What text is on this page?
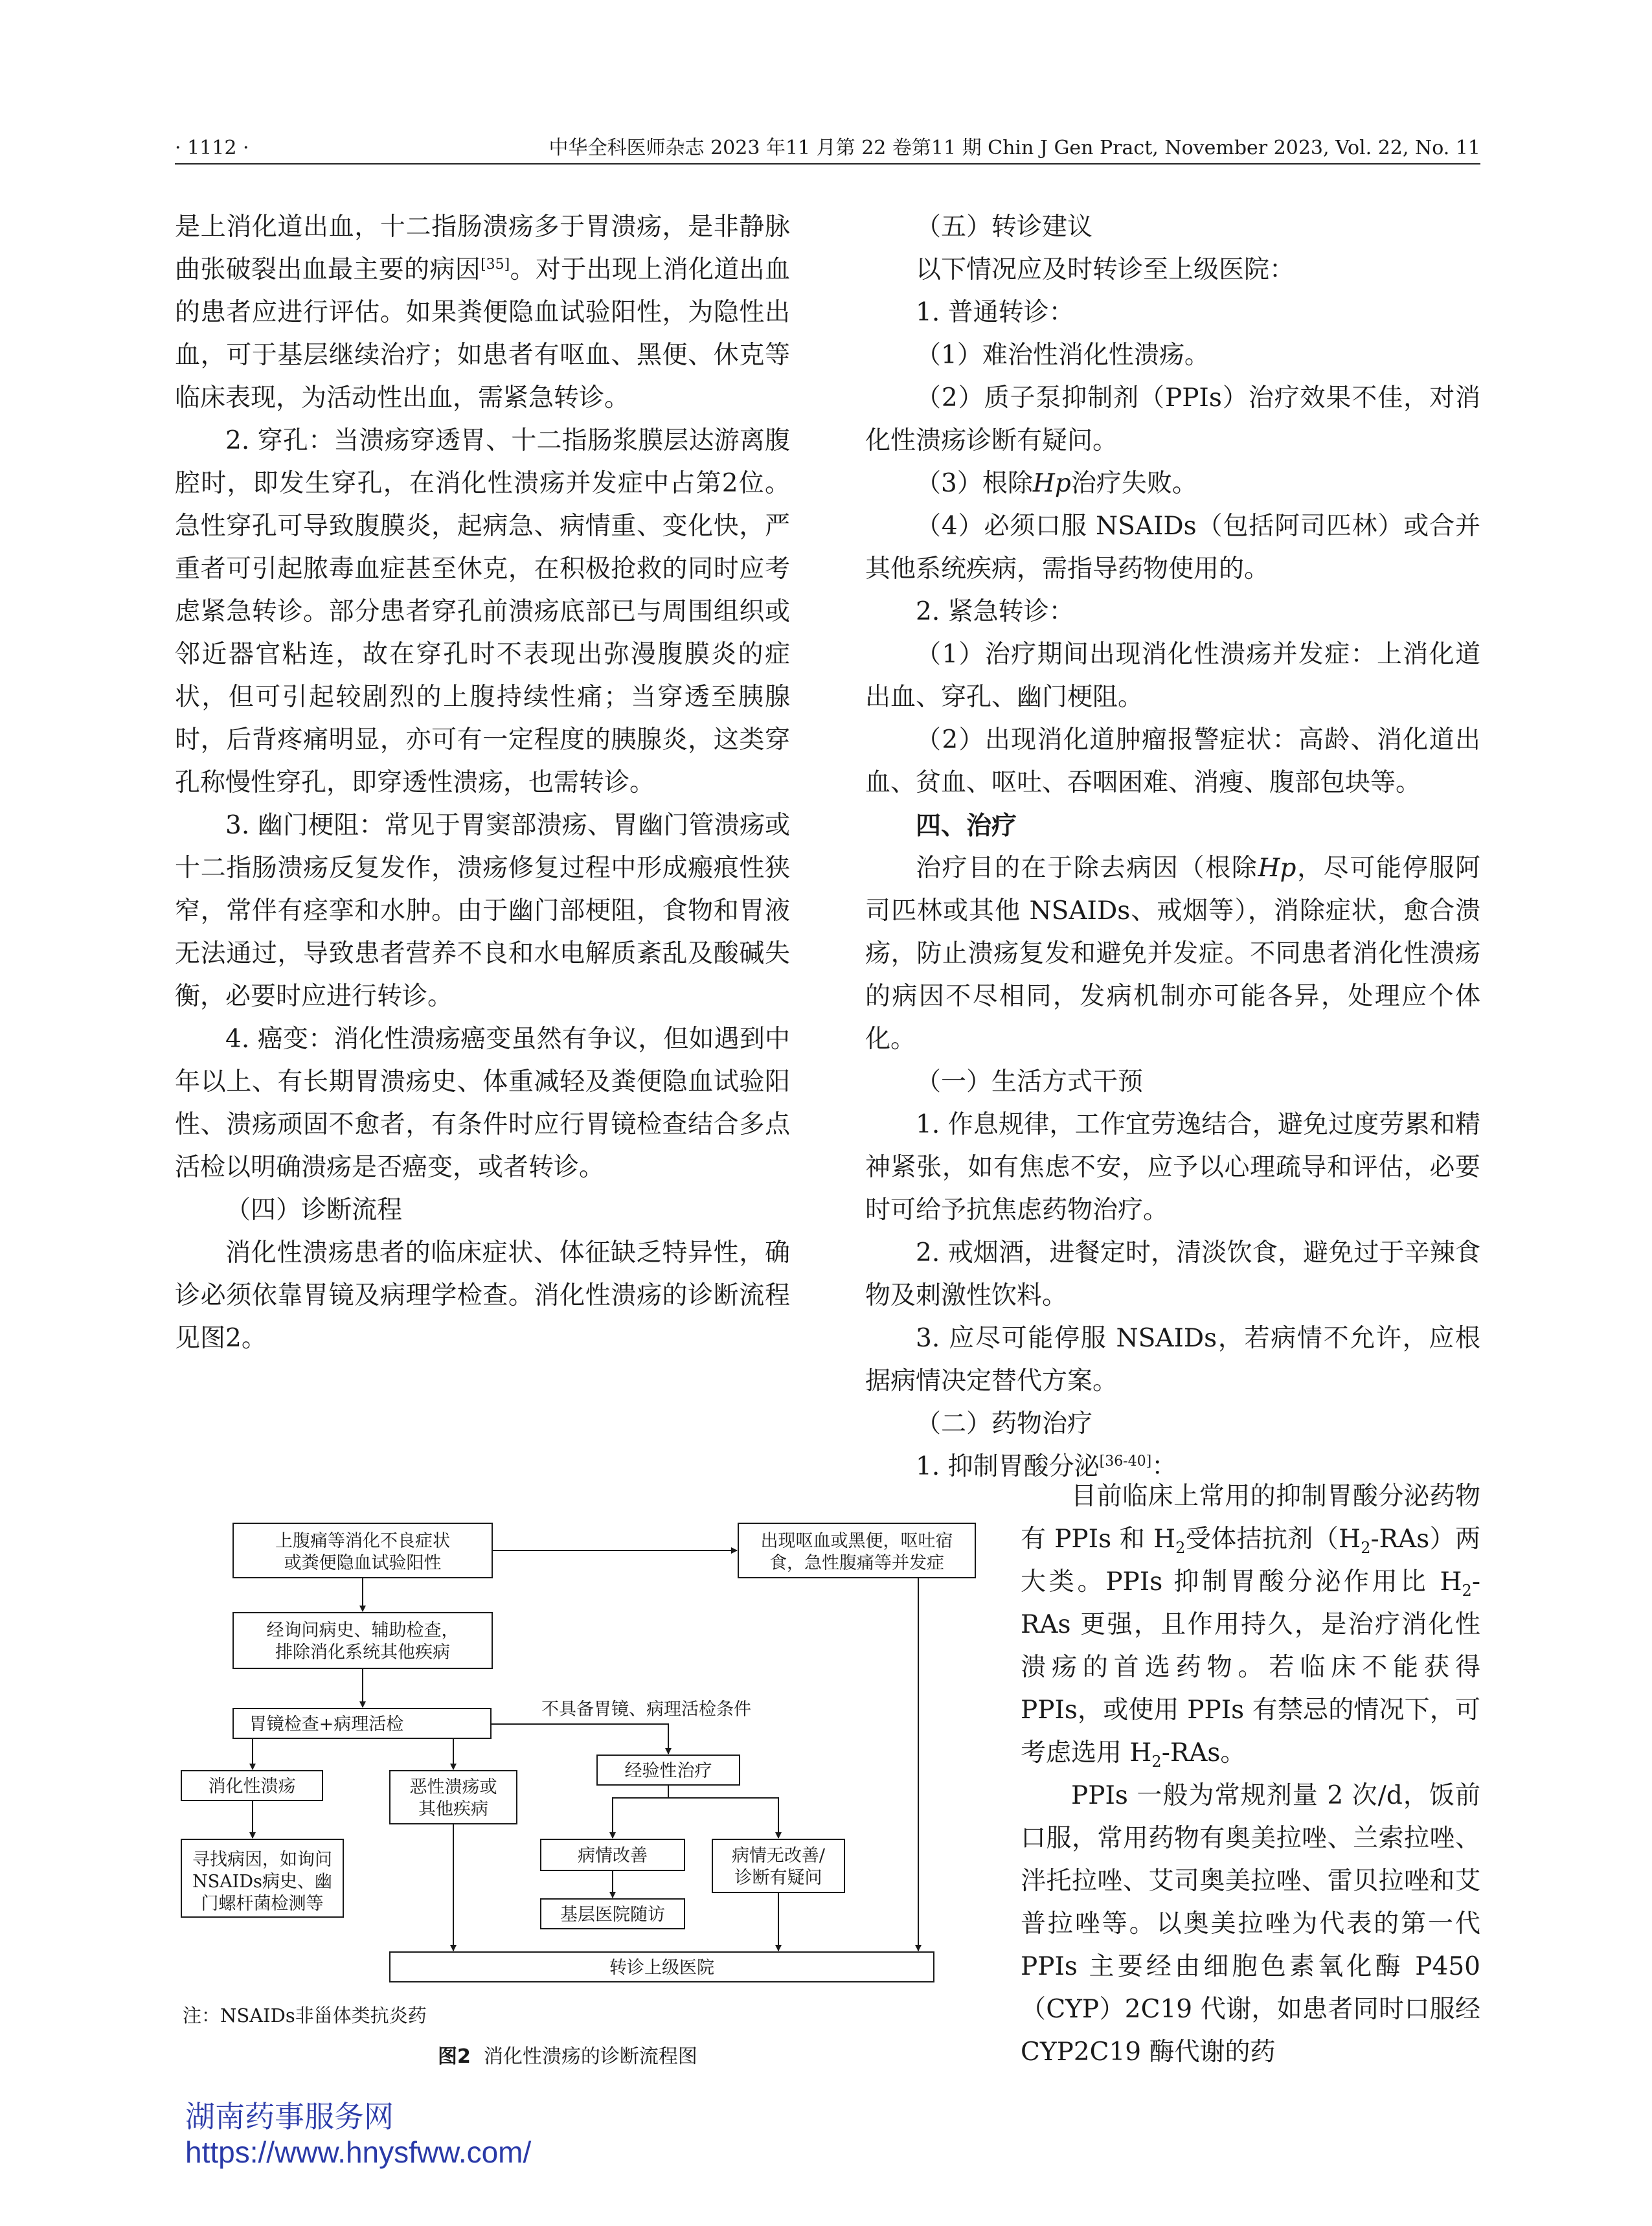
· 1112 ·	中华全科医师杂志 2023 年11 月第 22 卷第11 期 Chin J Gen Pract, November 2023, Vol. 22, No. 11

是上消化道出血，十二指肠溃疡多于胃溃疡，是非静脉曲张破裂出血最主要的病因[35]。对于出现上消化道出血的患者应进行评估。如果粪便隐血试验阳性，为隐性出血，可于基层继续治疗；如患者有呕血、黑便、休克等临床表现，为活动性出血，需紧急转诊。

2. 穿孔：当溃疡穿透胃、十二指肠浆膜层达游离腹腔时，即发生穿孔，在消化性溃疡并发症中占第2位。急性穿孔可导致腹膜炎，起病急、病情重、变化快，严重者可引起脓毒血症甚至休克，在积极抢救的同时应考虑紧急转诊。部分患者穿孔前溃疡底部已与周围组织或邻近器官粘连，故在穿孔时不表现出弥漫腹膜炎的症状，但可引起较剧烈的上腹持续性痛；当穿透至胰腺时，后背疼痛明显，亦可有一定程度的胰腺炎，这类穿孔称慢性穿孔，即穿透性溃疡，也需转诊。

3. 幽门梗阻：常见于胃窦部溃疡、胃幽门管溃疡或十二指肠溃疡反复发作，溃疡修复过程中形成瘢痕性狭窄，常伴有痉挛和水肿。由于幽门部梗阻，食物和胃液无法通过，导致患者营养不良和水电解质紊乱及酸碱失衡，必要时应进行转诊。

4. 癌变：消化性溃疡癌变虽然有争议，但如遇到中年以上、有长期胃溃疡史、体重减轻及粪便隐血试验阳性、溃疡顽固不愈者，有条件时应行胃镜检查结合多点活检以明确溃疡是否癌变，或者转诊。

（四）诊断流程

消化性溃疡患者的临床症状、体征缺乏特异性，确诊必须依靠胃镜及病理学检查。消化性溃疡的诊断流程见图2。

（五）转诊建议

以下情况应及时转诊至上级医院：

1. 普通转诊：

（1）难治性消化性溃疡。

（2）质子泵抑制剂（PPIs）治疗效果不佳，对消化性溃疡诊断有疑问。

（3）根除Hp治疗失败。

（4）必须口服 NSAIDs（包括阿司匹林）或合并其他系统疾病，需指导药物使用的。

2. 紧急转诊：

（1）治疗期间出现消化性溃疡并发症：上消化道出血、穿孔、幽门梗阻。

（2）出现消化道肿瘤报警症状：高龄、消化道出血、贫血、呕吐、吞咽困难、消瘦、腹部包块等。

四、治疗

治疗目的在于除去病因（根除Hp，尽可能停服阿司匹林或其他 NSAIDs、戒烟等），消除症状，愈合溃疡，防止溃疡复发和避免并发症。不同患者消化性溃疡的病因不尽相同，发病机制亦可能各异，处理应个体化。

（一）生活方式干预

1. 作息规律，工作宜劳逸结合，避免过度劳累和精神紧张，如有焦虑不安，应予以心理疏导和评估，必要时可给予抗焦虑药物治疗。

2. 戒烟酒，进餐定时，清淡饮食，避免过于辛辣食物及刺激性饮料。

3. 应尽可能停服 NSAIDs，若病情不允许，应根据病情决定替代方案。

（二）药物治疗

1. 抑制胃酸分泌[36-40]：

目前临床上常用的抑制胃酸分泌药物有 PPIs 和 $H_2$受体拮抗剂$(H_2-RAs)$两大类。PPIs 抑制胃酸分泌作用比 $H_2$-RAs 更强，且作用持久，是治疗消化性溃疡的首选药物。若临床不能获得 PPIs，或使用 PPIs 有禁忌的情况下，可考虑选用 $H_2$-RAs。

PPIs 一般为常规剂量 2 次/d，饭前口服，常用药物有奥美拉唑、兰索拉唑、泮托拉唑、艾司奥美拉唑、雷贝拉唑和艾普拉唑等。以奥美拉唑为代表的第一代 PPIs 主要经由细胞色素氧化酶 P450（CYP）2C19 代谢，如患者同时口服经 CYP2C19 酶代谢的药

上腹痛等消化不良症状
或粪便隐血试验阳性
出现呕血或黑便，呕吐宿
食，急性腹痛等并发症
经询问病史、辅助检查，
排除消化系统其他疾病
胃镜检查+病理活检
不具备胃镜、病理活检条件
消化性溃疡	恶性溃疡或
其他疾病
经验性治疗
寻找病因，如询问
NSAIDs病史、幽
门螺杆菌检测等
病情改善	病情无改善/
诊断有疑问
基层医院随访
转诊上级医院
注：NSAIDs非甾体类抗炎药
图2 消化性溃疡的诊断流程图
湖南药事服务网
https://www.hnysfww.com/
